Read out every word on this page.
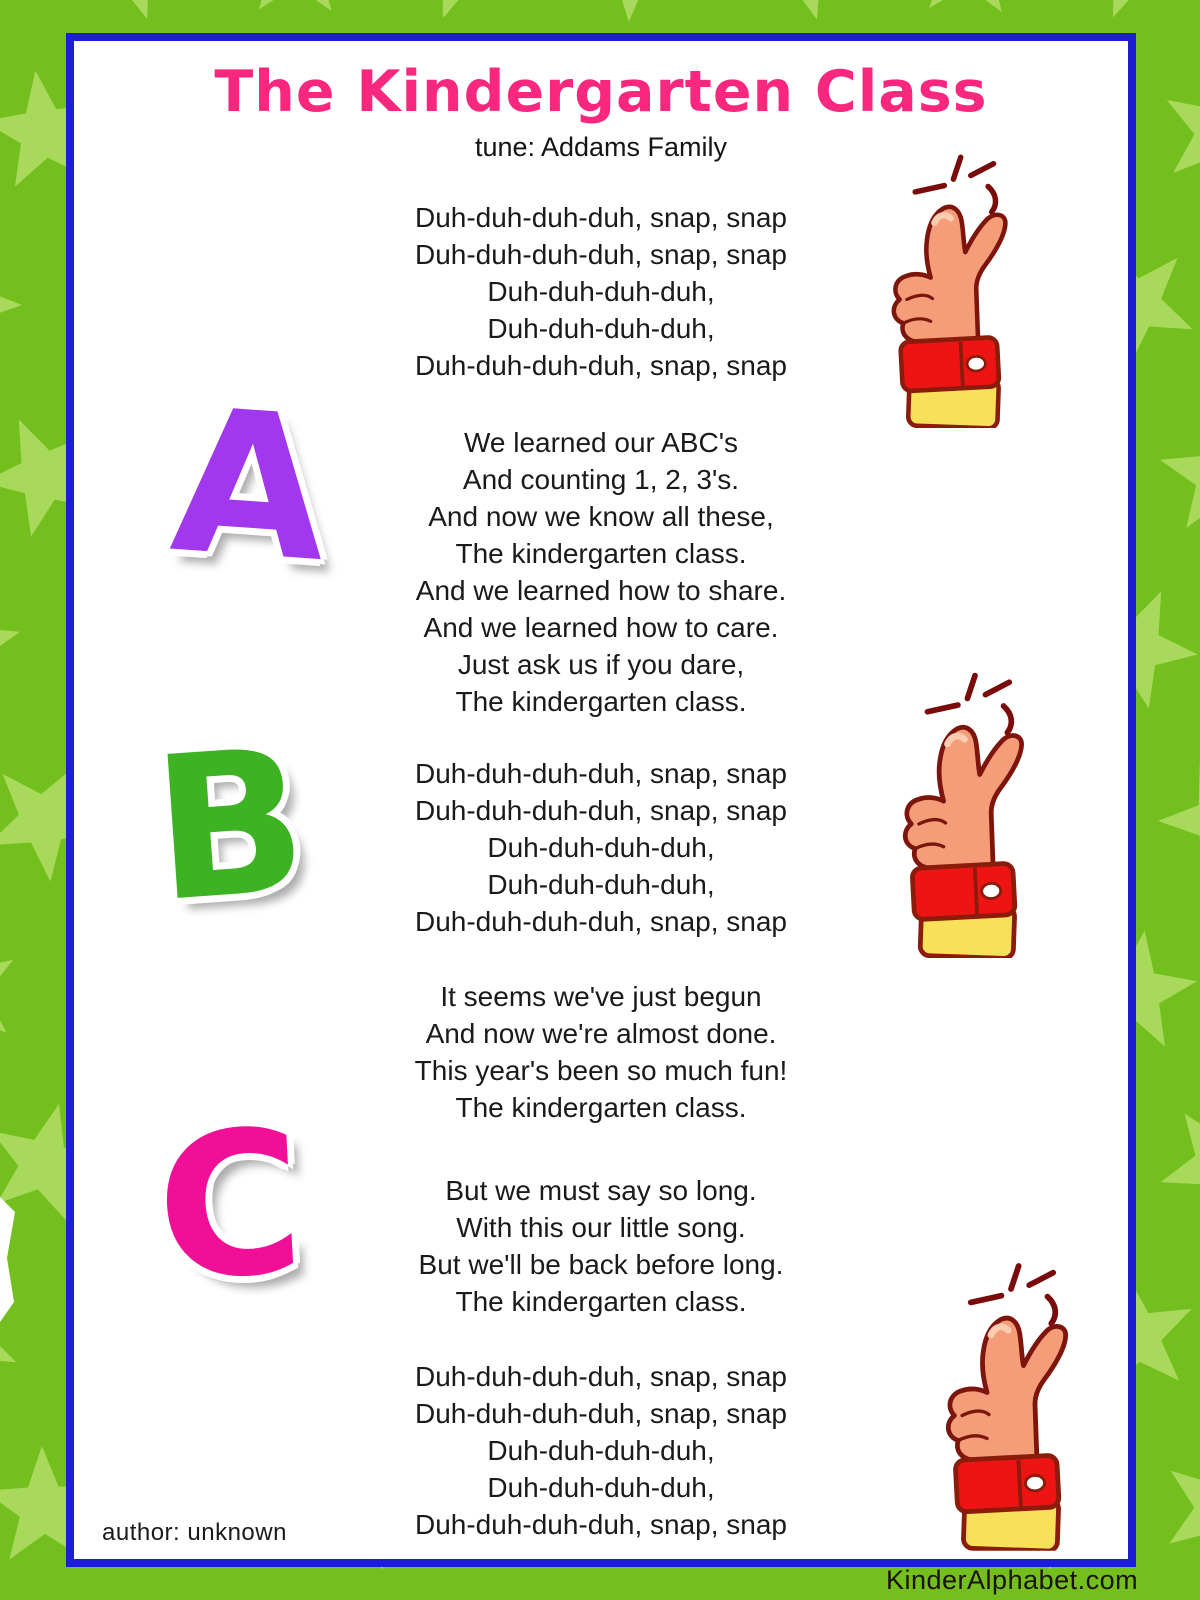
The Kindergarten Class
tune: Addams Family
Duh-duh-duh-duh, snap, snap
Duh-duh-duh-duh, snap, snap
Duh-duh-duh-duh,
Duh-duh-duh-duh,
Duh-duh-duh-duh, snap, snap
We learned our ABC's
And counting 1, 2, 3's.
And now we know all these,
The kindergarten class.
And we learned how to share.
And we learned how to care.
Just ask us if you dare,
The kindergarten class.
Duh-duh-duh-duh, snap, snap
Duh-duh-duh-duh, snap, snap
Duh-duh-duh-duh,
Duh-duh-duh-duh,
Duh-duh-duh-duh, snap, snap
It seems we've just begun
And now we're almost done.
This year's been so much fun!
The kindergarten class.
But we must say so long.
With this our little song.
But we'll be back before long.
The kindergarten class.
Duh-duh-duh-duh, snap, snap
Duh-duh-duh-duh, snap, snap
Duh-duh-duh-duh,
Duh-duh-duh-duh,
Duh-duh-duh-duh, snap, snap
A
B
C
author: unknown
KinderAlphabet.com
